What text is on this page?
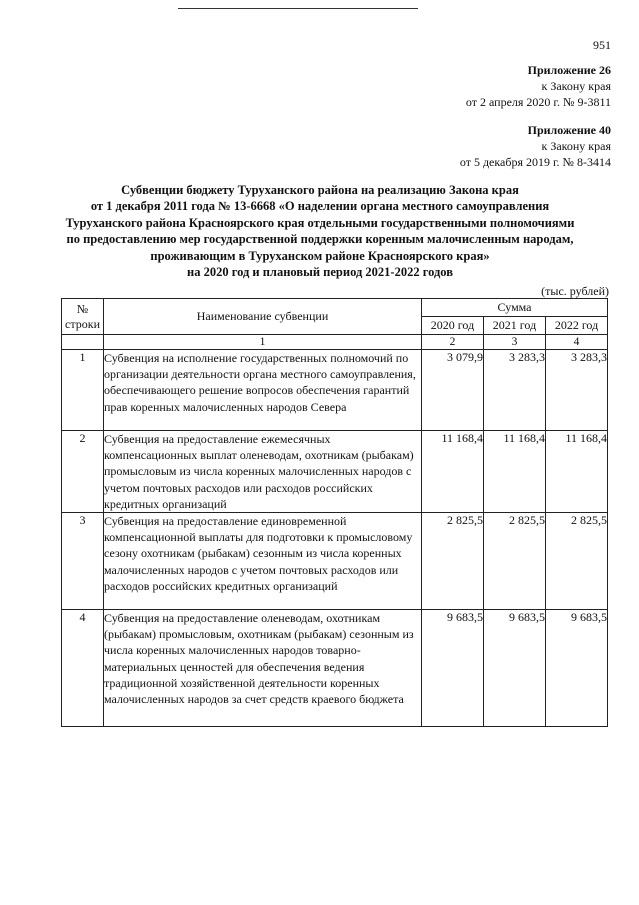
951
Приложение 26
к Закону края
от 2 апреля 2020 г. № 9-3811
Приложение 40
к Закону края
от 5 декабря 2019 г. № 8-3414
Субвенции бюджету Туруханского района на реализацию Закона края
от 1 декабря 2011 года № 13-6668 «О наделении органа местного самоуправления
Туруханского района Красноярского края отдельными государственными полномочиями
по предоставлению мер государственной поддержки коренным малочисленным народам,
проживающим в Туруханском районе Красноярского края»
на 2020 год и плановый период 2021-2022 годов
(тыс. рублей)
№
строки	Наименование субвенции	Сумма		
		2020 год	2021 год	2022 год
	1	2	3	4
1	Субвенция на исполнение государственных полномочий по организации деятельности органа местного самоуправления, обеспечивающего решение вопросов обеспечения гарантий прав коренных малочисленных народов Севера	3 079,9	3 283,3	3 283,3
2	Субвенция на предоставление ежемесячных компенсационных выплат оленеводам, охотникам (рыбакам) промысловым из числа коренных малочисленных народов с учетом почтовых расходов или расходов российских кредитных организаций	11 168,4	11 168,4	11 168,4
3	Субвенция на предоставление единовременной компенсационной выплаты для подготовки к промысловому сезону охотникам (рыбакам) сезонным из числа коренных малочисленных народов с учетом почтовых расходов или расходов российских кредитных организаций	2 825,5	2 825,5	2 825,5
4	Субвенция на предоставление оленеводам, охотникам (рыбакам) промысловым, охотникам (рыбакам) сезонным из числа коренных малочисленных народов товарно-материальных ценностей для обеспечения ведения традиционной хозяйственной деятельности коренных малочисленных народов за счет средств краевого бюджета	9 683,5	9 683,5	9 683,5
